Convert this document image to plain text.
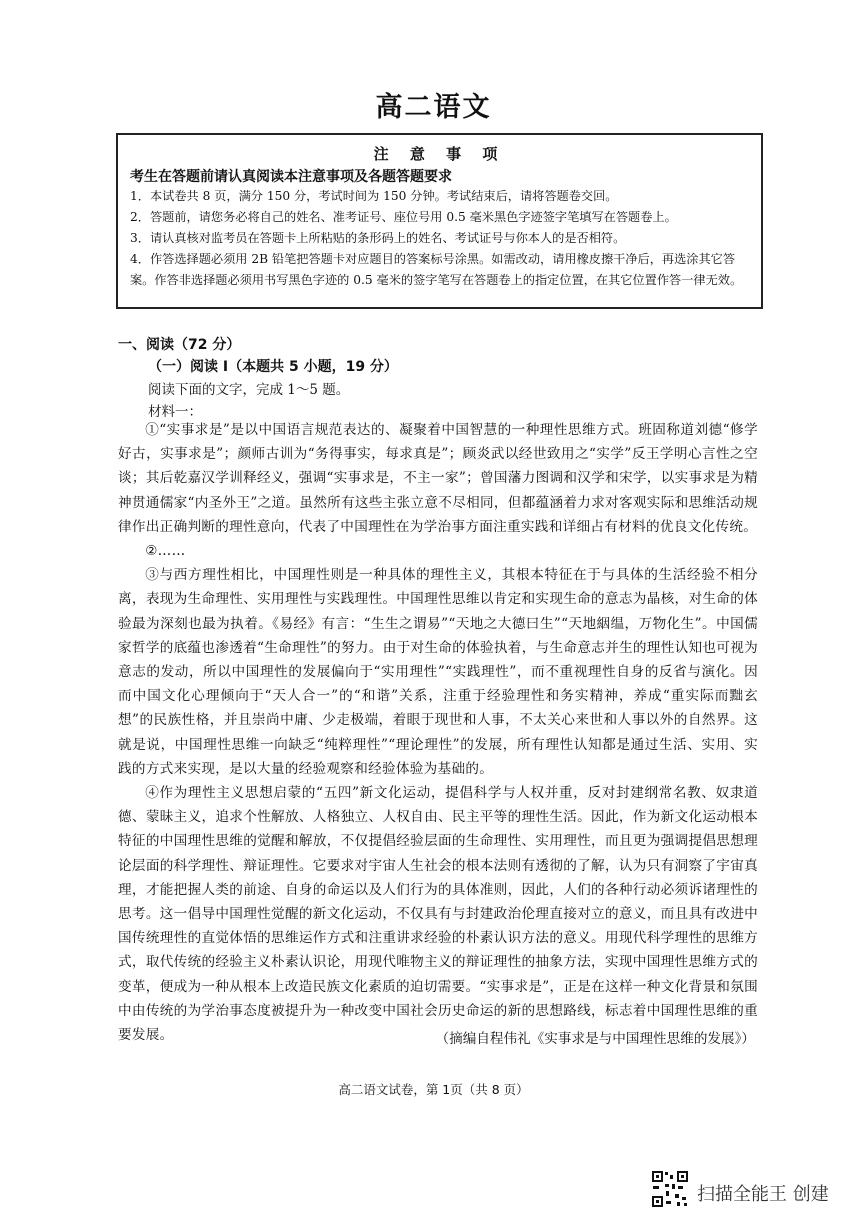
高二语文
注 意 事 项
考生在答题前请认真阅读本注意事项及各题答题要求
1．本试卷共 8 页，满分 150 分，考试时间为 150 分钟。考试结束后，请将答题卷交回。
2．答题前，请您务必将自己的姓名、准考证号、座位号用 0.5 毫米黑色字迹签字笔填写在答题卷上。
3．请认真核对监考员在答题卡上所粘贴的条形码上的姓名、考试证号与你本人的是否相符。
4．作答选择题必须用 2B 铅笔把答题卡对应题目的答案标号涂黑。如需改动，请用橡皮擦干净后，再选涂其它答案。作答非选择题必须用书写黑色字迹的 0.5 毫米的签字笔写在答题卷上的指定位置，在其它位置作答一律无效。
一、阅读（72 分）
（一）阅读 I（本题共 5 小题，19 分）
阅读下面的文字，完成 1～5 题。
材料一：

①“实事求是”是以中国语言规范表达的、凝聚着中国智慧的一种理性思维方式。班固称道刘德“修学好古，实事求是”；颜师古训为“务得事实，每求真是”；顾炎武以经世致用之“实学”反王学明心言性之空谈；其后乾嘉汉学训释经义，强调“实事求是，不主一家”；曾国藩力图调和汉学和宋学，以实事求是为精神贯通儒家“内圣外王”之道。虽然所有这些主张立意不尽相同，但都蕴涵着力求对客观实际和思维活动规律作出正确判断的理性意向，代表了中国理性在为学治事方面注重实践和详细占有材料的优良文化传统。

②……

③与西方理性相比，中国理性则是一种具体的理性主义，其根本特征在于与具体的生活经验不相分离，表现为生命理性、实用理性与实践理性。中国理性思维以肯定和实现生命的意志为晶核，对生命的体验最为深刻也最为执着。《易经》有言：“生生之谓易”“天地之大德曰生”“天地絪缊，万物化生”。中国儒家哲学的底蕴也渗透着“生命理性”的努力。由于对生命的体验执着，与生命意志并生的理性认知也可视为意志的发动，所以中国理性的发展偏向于“实用理性”“实践理性”，而不重视理性自身的反省与演化。因而中国文化心理倾向于“天人合一”的“和谐”关系，注重于经验理性和务实精神，养成“重实际而黜玄想”的民族性格，并且崇尚中庸、少走极端，着眼于现世和人事，不太关心来世和人事以外的自然界。这就是说，中国理性思维一向缺乏“纯粹理性”“理论理性”的发展，所有理性认知都是通过生活、实用、实践的方式来实现，是以大量的经验观察和经验体验为基础的。

④作为理性主义思想启蒙的“五四”新文化运动，提倡科学与人权并重，反对封建纲常名教、奴隶道德、蒙昧主义，追求个性解放、人格独立、人权自由、民主平等的理性生活。因此，作为新文化运动根本特征的中国理性思维的觉醒和解放，不仅提倡经验层面的生命理性、实用理性，而且更为强调提倡思想理论层面的科学理性、辩证理性。它要求对宇宙人生社会的根本法则有透彻的了解，认为只有洞察了宇宙真理，才能把握人类的前途、自身的命运以及人们行为的具体准则，因此，人们的各种行动必须诉诸理性的思考。这一倡导中国理性觉醒的新文化运动，不仅具有与封建政治伦理直接对立的意义，而且具有改进中国传统理性的直觉体悟的思维运作方式和注重讲求经验的朴素认识方法的意义。用现代科学理性的思维方式，取代传统的经验主义朴素认识论，用现代唯物主义的辩证理性的抽象方法，实现中国理性思维方式的变革，便成为一种从根本上改造民族文化素质的迫切需要。“实事求是”，正是在这样一种文化背景和氛围中由传统的为学治事态度被提升为一种改变中国社会历史命运的新的思想路线，标志着中国理性思维的重要发展。	（摘编自程伟礼《实事求是与中国理性思维的发展》）
高二语文试卷，第 1页（共 8 页）
扫描全能王 创建
